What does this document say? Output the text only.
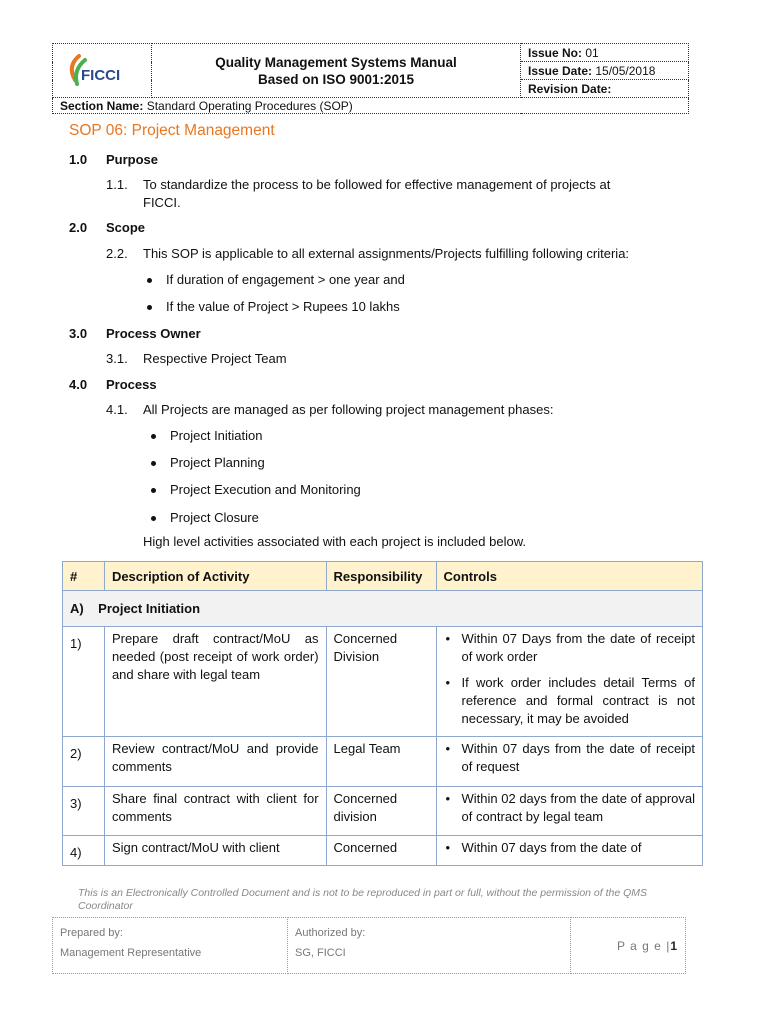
FICCI

Quality Management Systems Manual
Based on ISO 9001:2015
	Issue No: 01
Issue Date: 15/05/2018
Revision Date:
Section Name: Standard Operating Procedures (SOP)
SOP 06: Project Management
1.0 Purpose
1.1. To standardize the process to be followed for effective management of projects at
FICCI.
2.0 Scope
2.2. This SOP is applicable to all external assignments/Projects fulfilling following criteria:
If duration of engagement > one year and
If the value of Project > Rupees 10 lakhs
3.0 Process Owner
3.1. Respective Project Team
4.0 Process
4.1. All Projects are managed as per following project management phases:
Project Initiation
Project Planning
Project Execution and Monitoring
Project Closure
High level activities associated with each project is included below.
#	Description of Activity	Responsibility	Controls
A)    Project Initiation			
1)	Prepare draft contract/MoU as needed (post receipt of work order) and share with legal team	Concerned Division	• Within 07 Days from the date of receipt of work order
• If work order includes detail Terms of reference and formal contract is not necessary, it may be avoided

2)	Review contract/MoU and provide comments	Legal Team	• Within 07 days from the date of receipt of request

3)	Share final contract with client for comments	Concerned division	• Within 02 days from the date of approval of contract by legal team

4)	Sign contract/MoU with client	Concerned	• Within 07 days from the date of
This is an Electronically Controlled Document and is not to be reproduced in part or full, without the permission of the QMS Coordinator
Prepared by:
Management Representative

Authorized by:
SG, FICCI
	P a g e |1
